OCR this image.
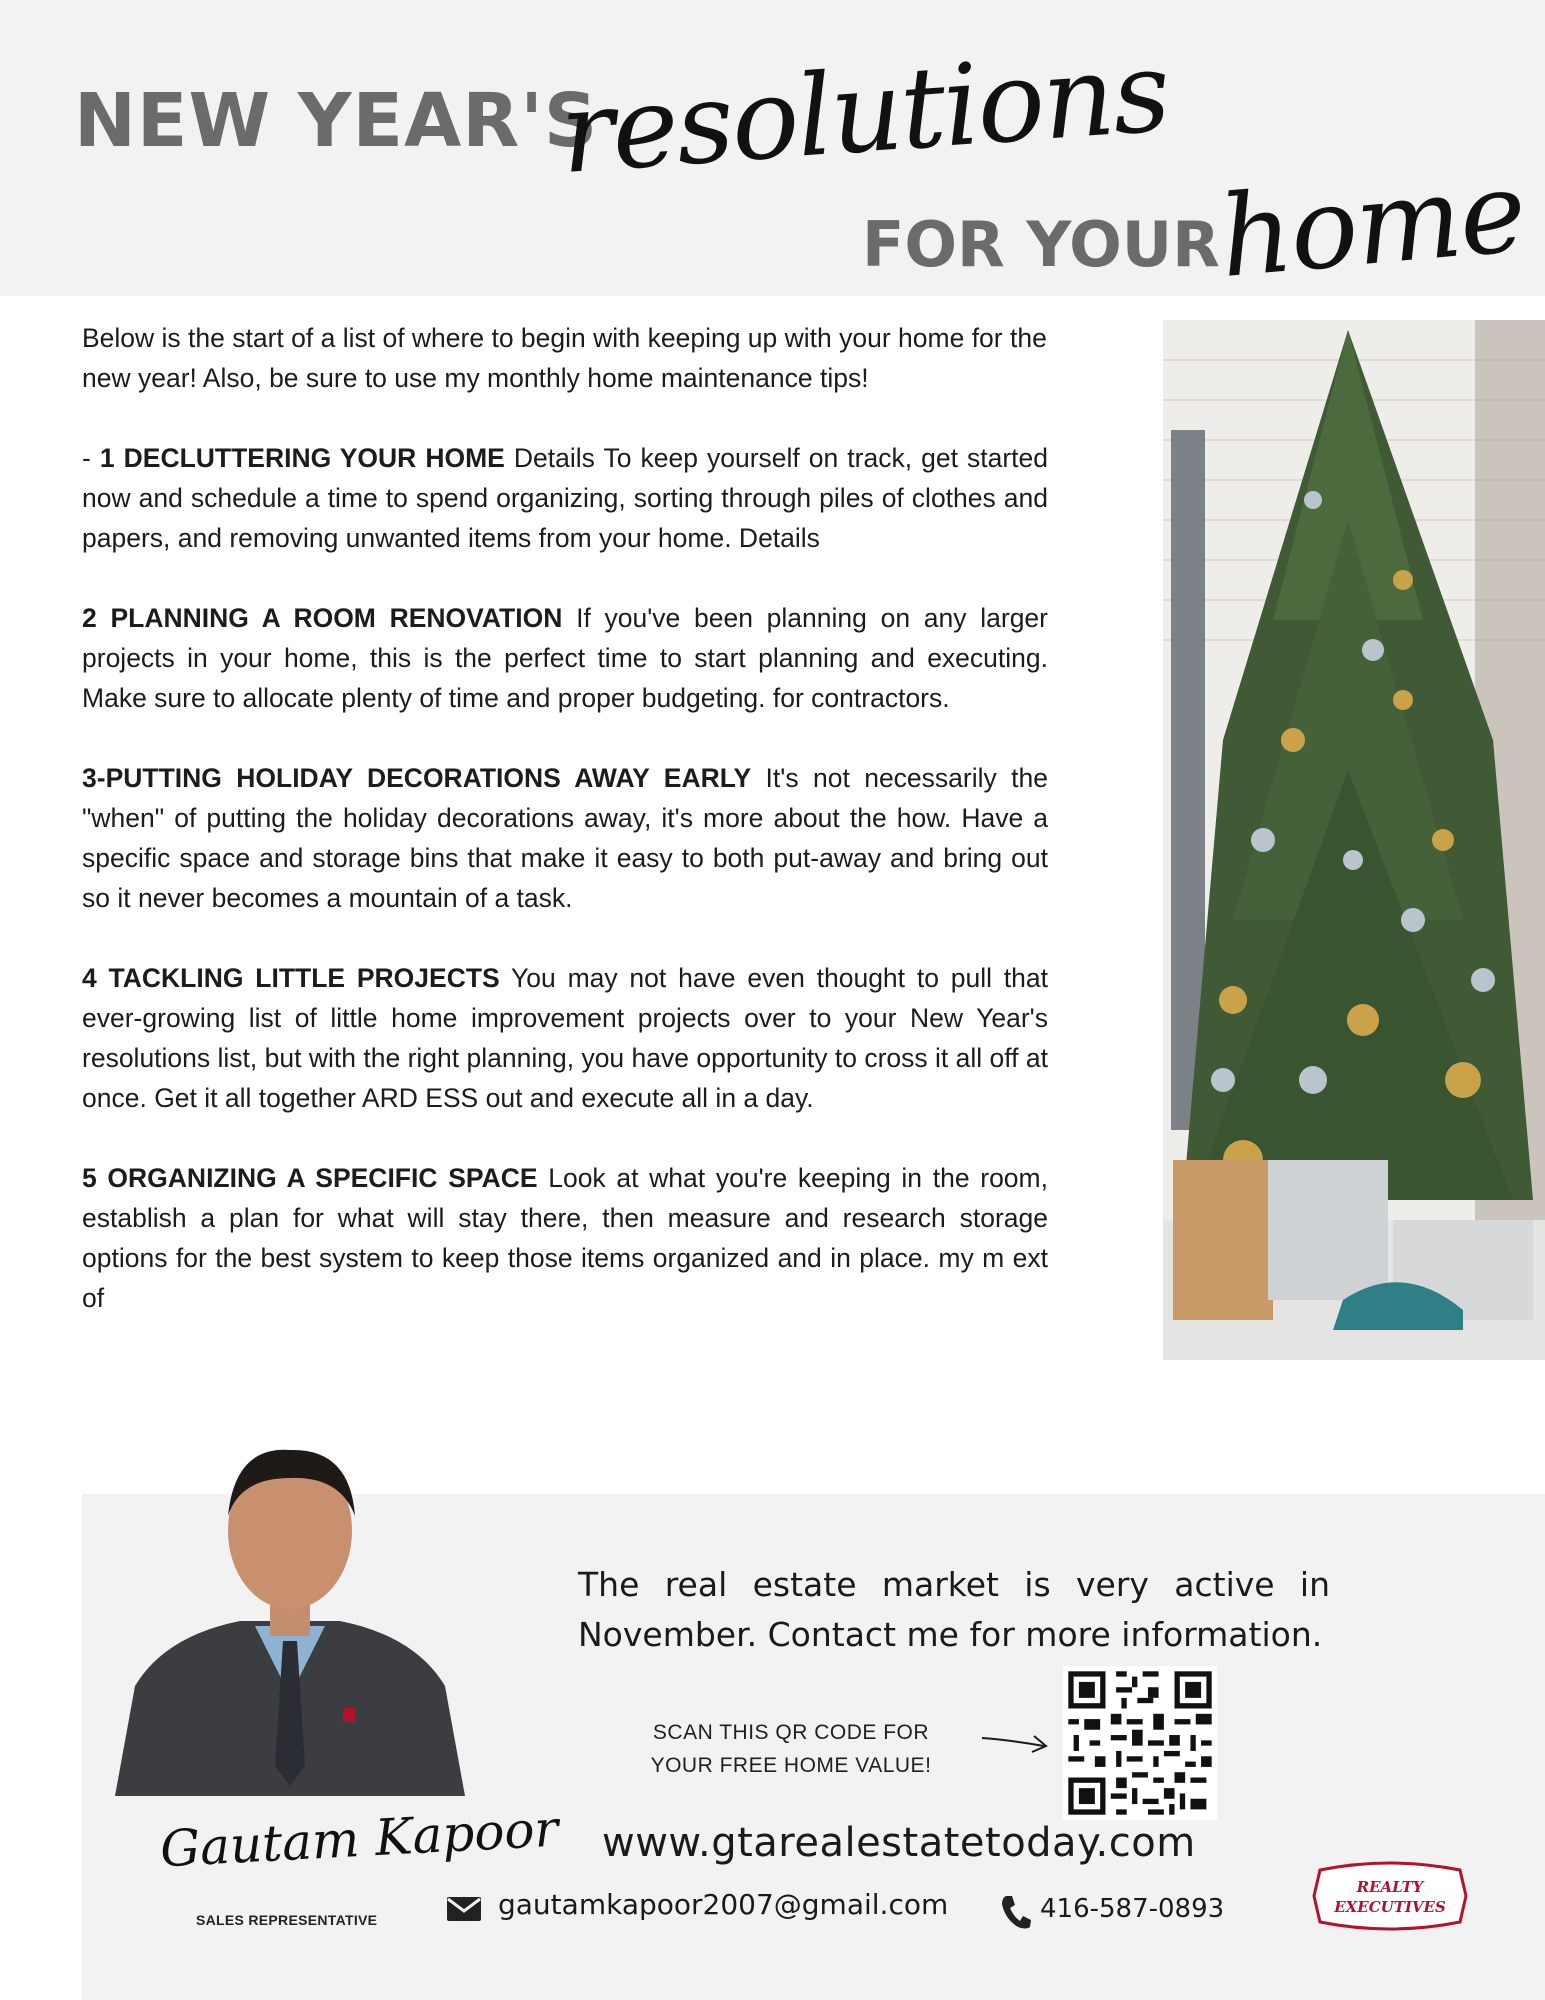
NEW YEAR'S
resolutions
FOR YOUR
home

Below is the start of a list of where to begin with keeping up with your home for the new year! Also, be sure to use my monthly home maintenance tips!

- 1 DECLUTTERING YOUR HOME Details To keep yourself on track, get started now and schedule a time to spend organizing, sorting through piles of clothes and papers, and removing unwanted items from your home. Details

2 PLANNING A ROOM RENOVATION If you've been planning on any larger projects in your home, this is the perfect time to start planning and executing. Make sure to allocate plenty of time and proper budgeting. for contractors.

3-PUTTING HOLIDAY DECORATIONS AWAY EARLY It's not necessarily the "when" of putting the holiday decorations away, it's more about the how. Have a specific space and storage bins that make it easy to both put-away and bring out so it never becomes a mountain of a task.

4 TACKLING LITTLE PROJECTS You may not have even thought to pull that ever-growing list of little home improvement projects over to your New Year's resolutions list, but with the right planning, you have opportunity to cross it all off at once. Get it all together ARD ESS out and execute all in a day.

5 ORGANIZING A SPECIFIC SPACE Look at what you're keeping in the room, establish a plan for what will stay there, then measure and research storage options for the best system to keep those items organized and in place. my m ext of

Gautam Kapoor
SALES REPRESENTATIVE
The real estate market is very active in November. Contact me for more information.
SCAN THIS QR CODE FOR
YOUR FREE HOME VALUE!
www.gtarealestatetoday.com
gautamkapoor2007@gmail.com	416-587-0893
REALTY
EXECUTIVES
